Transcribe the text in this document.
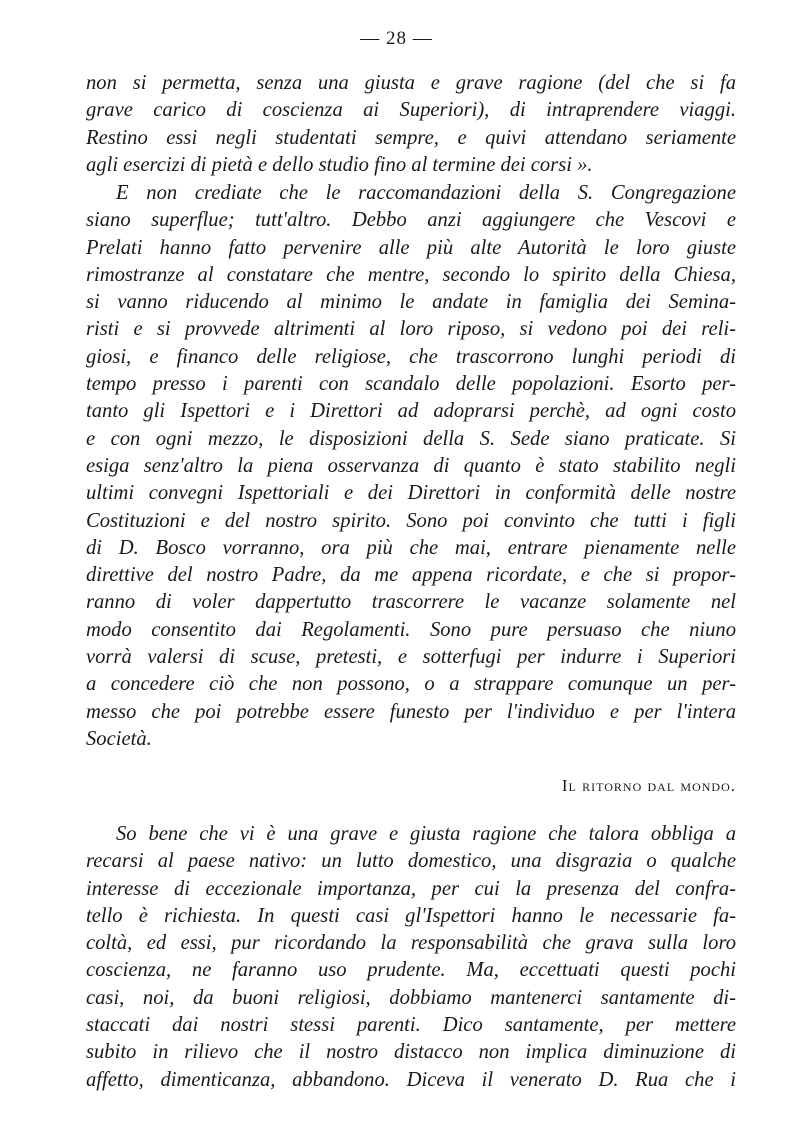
— 28 —
non si permetta, senza una giusta e grave ragione (del che si fa
grave carico di coscienza ai Superiori), di intraprendere viaggi.
Restino essi negli studentati sempre, e quivi attendano seriamente
agli esercizi di pietà e dello studio fino al termine dei corsi ».
E non crediate che le raccomandazioni della S. Congregazione
siano superflue; tutt'altro. Debbo anzi aggiungere che Vescovi e
Prelati hanno fatto pervenire alle più alte Autorità le loro giuste
rimostranze al constatare che mentre, secondo lo spirito della Chiesa,
si vanno riducendo al minimo le andate in famiglia dei Semina-
risti e si provvede altrimenti al loro riposo, si vedono poi dei reli-
giosi, e financo delle religiose, che trascorrono lunghi periodi di
tempo presso i parenti con scandalo delle popolazioni. Esorto per-
tanto gli Ispettori e i Direttori ad adoprarsi perchè, ad ogni costo
e con ogni mezzo, le disposizioni della S. Sede siano praticate. Si
esiga senz'altro la piena osservanza di quanto è stato stabilito negli
ultimi convegni Ispettoriali e dei Direttori in conformità delle nostre
Costituzioni e del nostro spirito. Sono poi convinto che tutti i figli
di D. Bosco vorranno, ora più che mai, entrare pienamente nelle
direttive del nostro Padre, da me appena ricordate, e che si propor-
ranno di voler dappertutto trascorrere le vacanze solamente nel
modo consentito dai Regolamenti. Sono pure persuaso che niuno
vorrà valersi di scuse, pretesti, e sotterfugi per indurre i Superiori
a concedere ciò che non possono, o a strappare comunque un per-
messo che poi potrebbe essere funesto per l'individuo e per l'intera
Società.
Il ritorno dal mondo.
So bene che vi è una grave e giusta ragione che talora obbliga a
recarsi al paese nativo: un lutto domestico, una disgrazia o qualche
interesse di eccezionale importanza, per cui la presenza del confra-
tello è richiesta. In questi casi gl'Ispettori hanno le necessarie fa-
coltà, ed essi, pur ricordando la responsabilità che grava sulla loro
coscienza, ne faranno uso prudente. Ma, eccettuati questi pochi
casi, noi, da buoni religiosi, dobbiamo mantenerci santamente di-
staccati dai nostri stessi parenti. Dico santamente, per mettere
subito in rilievo che il nostro distacco non implica diminuzione di
affetto, dimenticanza, abbandono. Diceva il venerato D. Rua che i
